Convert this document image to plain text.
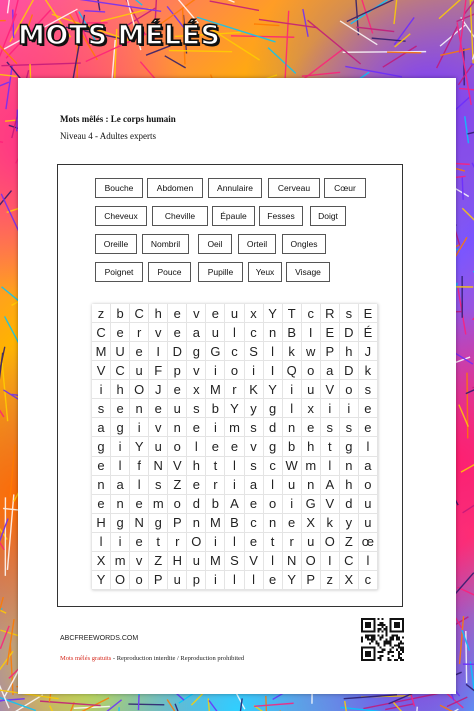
MOTS MÉLÉS
Mots mêlés : Le corps humain
Niveau 4 - Adultes experts
Bouche	Abdomen	Annulaire	Cerveau	Cœur
Cheveux	Cheville	Épaule	Fesses	Doigt
Oreille	Nombril	Oeil	Orteil	Ongles
Poignet	Pouce	Pupille	Yeux	Visage
z b C h e v e u x Y T c R s E
C e	r	v e a u	l	c n B I E D É
M U e	I D g G c S	l	k w P h J
V C u F p v	i	o	i	I Q o a D k
i	h O J e x M r K Y	i	u V o s
s e n e u s b Y y g	l	x	i	i	e
a g	i	v n e	i m s d n e s s e
g	i	Y u o	l	e e v g b h	t	g	l
e	l	f N V h	t	l	s c W m l	n a
n a	l	s Z e	r	i	a	l	u n A h o
e n e m o d b A e o	i G V d u
H g N g P n M B c n e X k y u
l	i	e	t	r O i	l	e	t	r	u O Z œ
X m v Z H u M S V	l N O I C l
Y O o P u p	i	l	l	e Y P z X c
ABCFREEWORDS.COM
Mots mêlés gratuits - Reproduction interdite / Reproduction prohibited
